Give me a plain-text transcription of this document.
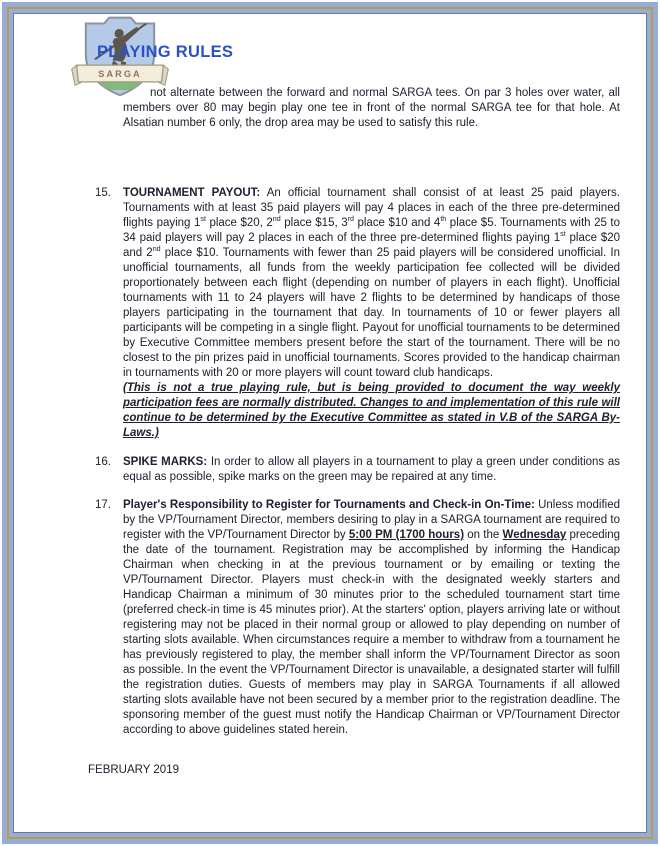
SARGA
PLAYING RULES
not alternate between the forward and normal SARGA tees. On par 3 holes over water, all members over 80 may begin play one tee in front of the normal SARGA tee for that hole. At Alsatian number 6 only, the drop area may be used to satisfy this rule.
15.	TOURNAMENT PAYOUT: An official tournament shall consist of at least 25 paid players. Tournaments with at least 35 paid players will pay 4 places in each of the three pre-determined flights paying 1st place $20, 2nd place $15, 3rd place $10 and 4th place $5. Tournaments with 25 to 34 paid players will pay 2 places in each of the three pre-determined flights paying 1st place $20 and 2nd place $10. Tournaments with fewer than 25 paid players will be considered unofficial. In unofficial tournaments, all funds from the weekly participation fee collected will be divided proportionately between each flight (depending on number of players in each flight). Unofficial tournaments with 11 to 24 players will have 2 flights to be determined by handicaps of those players participating in the tournament that day. In tournaments of 10 or fewer players all participants will be competing in a single flight. Payout for unofficial tournaments to be determined by Executive Committee members present before the start of the tournament. There will be no closest to the pin prizes paid in unofficial tournaments. Scores provided to the handicap chairman in tournaments with 20 or more players will count toward club handicaps.
(This is not a true playing rule, but is being provided to document the way weekly participation fees are normally distributed. Changes to and implementation of this rule will continue to be determined by the Executive Committee as stated in V.B of the SARGA By-Laws.)
16.	SPIKE MARKS: In order to allow all players in a tournament to play a green under conditions as equal as possible, spike marks on the green may be repaired at any time.
17.	Player's Responsibility to Register for Tournaments and Check-in On-Time: Unless modified by the VP/Tournament Director, members desiring to play in a SARGA tournament are required to register with the VP/Tournament Director by 5:00 PM (1700 hours) on the Wednesday preceding the date of the tournament. Registration may be accomplished by informing the Handicap Chairman when checking in at the previous tournament or by emailing or texting the VP/Tournament Director. Players must check-in with the designated weekly starters and Handicap Chairman a minimum of 30 minutes prior to the scheduled tournament start time (preferred check-in time is 45 minutes prior). At the starters' option, players arriving late or without registering may not be placed in their normal group or allowed to play depending on number of starting slots available. When circumstances require a member to withdraw from a tournament he has previously registered to play, the member shall inform the VP/Tournament Director as soon as possible. In the event the VP/Tournament Director is unavailable, a designated starter will fulfill the registration duties. Guests of members may play in SARGA Tournaments if all allowed starting slots available have not been secured by a member prior to the registration deadline. The sponsoring member of the guest must notify the Handicap Chairman or VP/Tournament Director according to above guidelines stated herein.
FEBRUARY 2019
